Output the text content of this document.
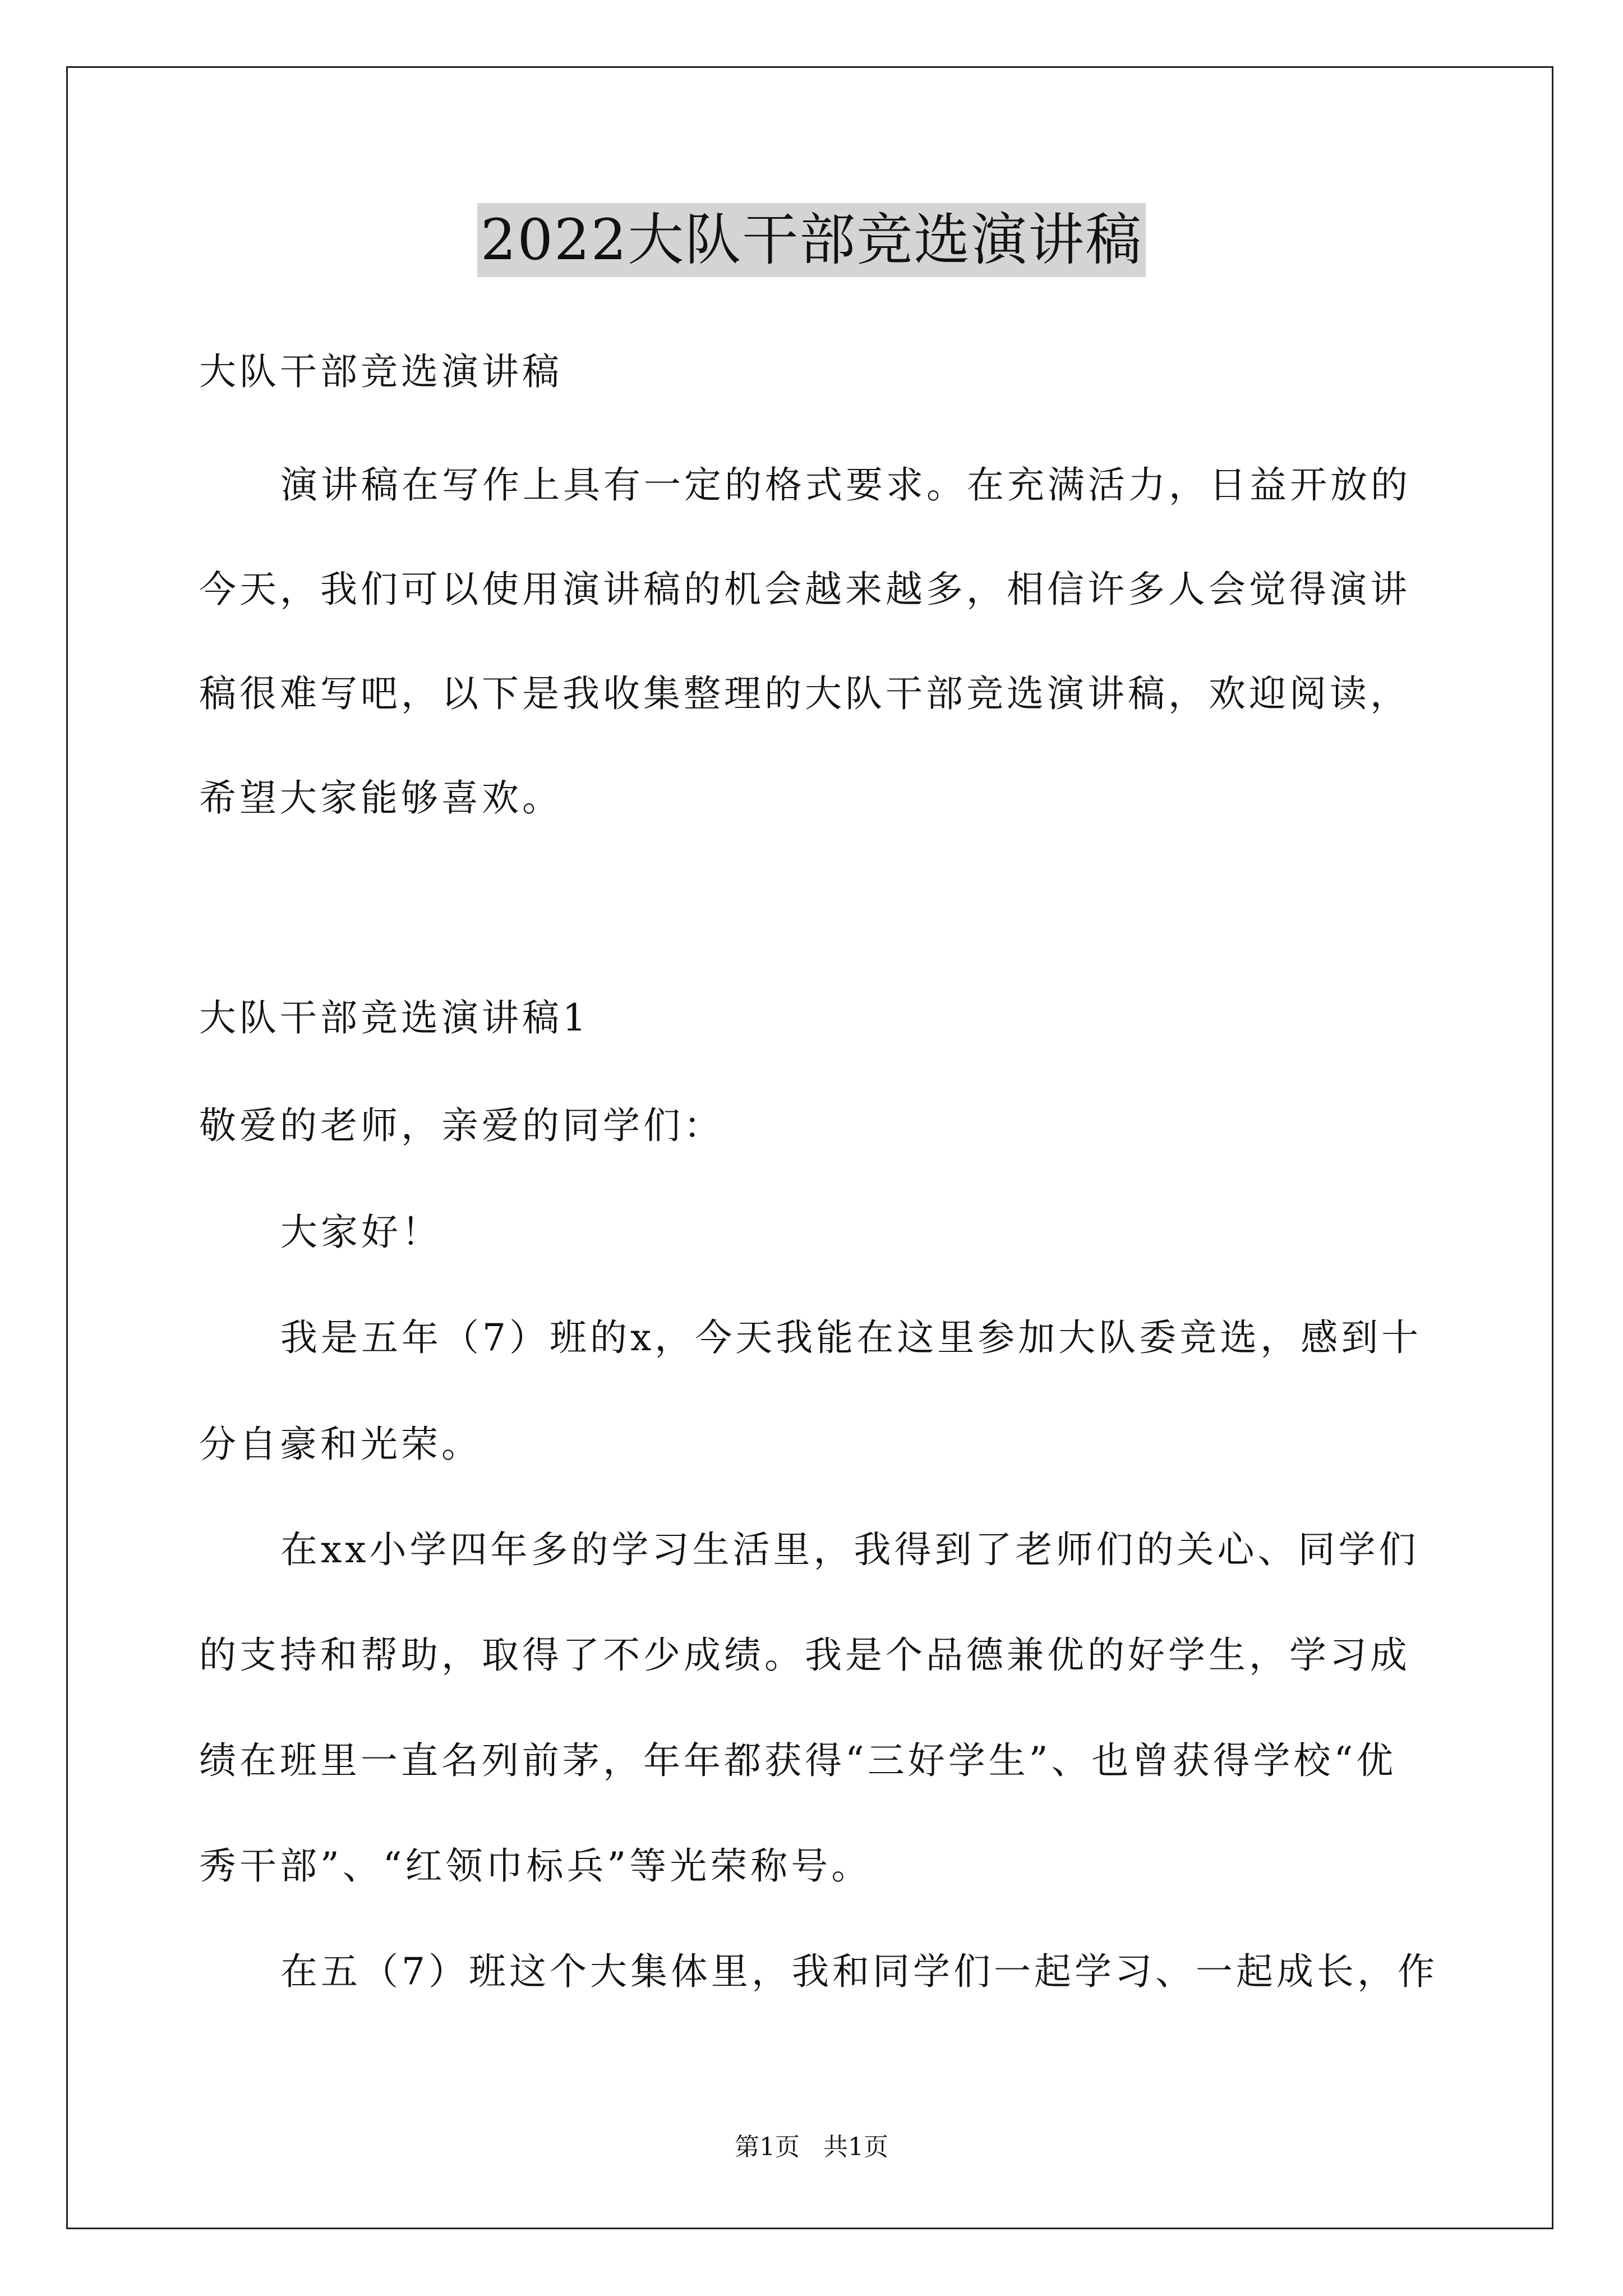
2022大队干部竞选演讲稿
大队干部竞选演讲稿
演讲稿在写作上具有一定的格式要求。在充满活力，日益开放的
今天，我们可以使用演讲稿的机会越来越多，相信许多人会觉得演讲
稿很难写吧，以下是我收集整理的大队干部竞选演讲稿，欢迎阅读，
希望大家能够喜欢。
大队干部竞选演讲稿1
敬爱的老师，亲爱的同学们：
大家好！
我是五年（7）班的x，今天我能在这里参加大队委竞选，感到十
分自豪和光荣。
在xx小学四年多的学习生活里，我得到了老师们的关心、同学们
的支持和帮助，取得了不少成绩。我是个品德兼优的好学生，学习成
绩在班里一直名列前茅，年年都获得“三好学生”、也曾获得学校“优
秀干部”、“红领巾标兵”等光荣称号。
在五（7）班这个大集体里，我和同学们一起学习、一起成长，作
第1页   共1页
